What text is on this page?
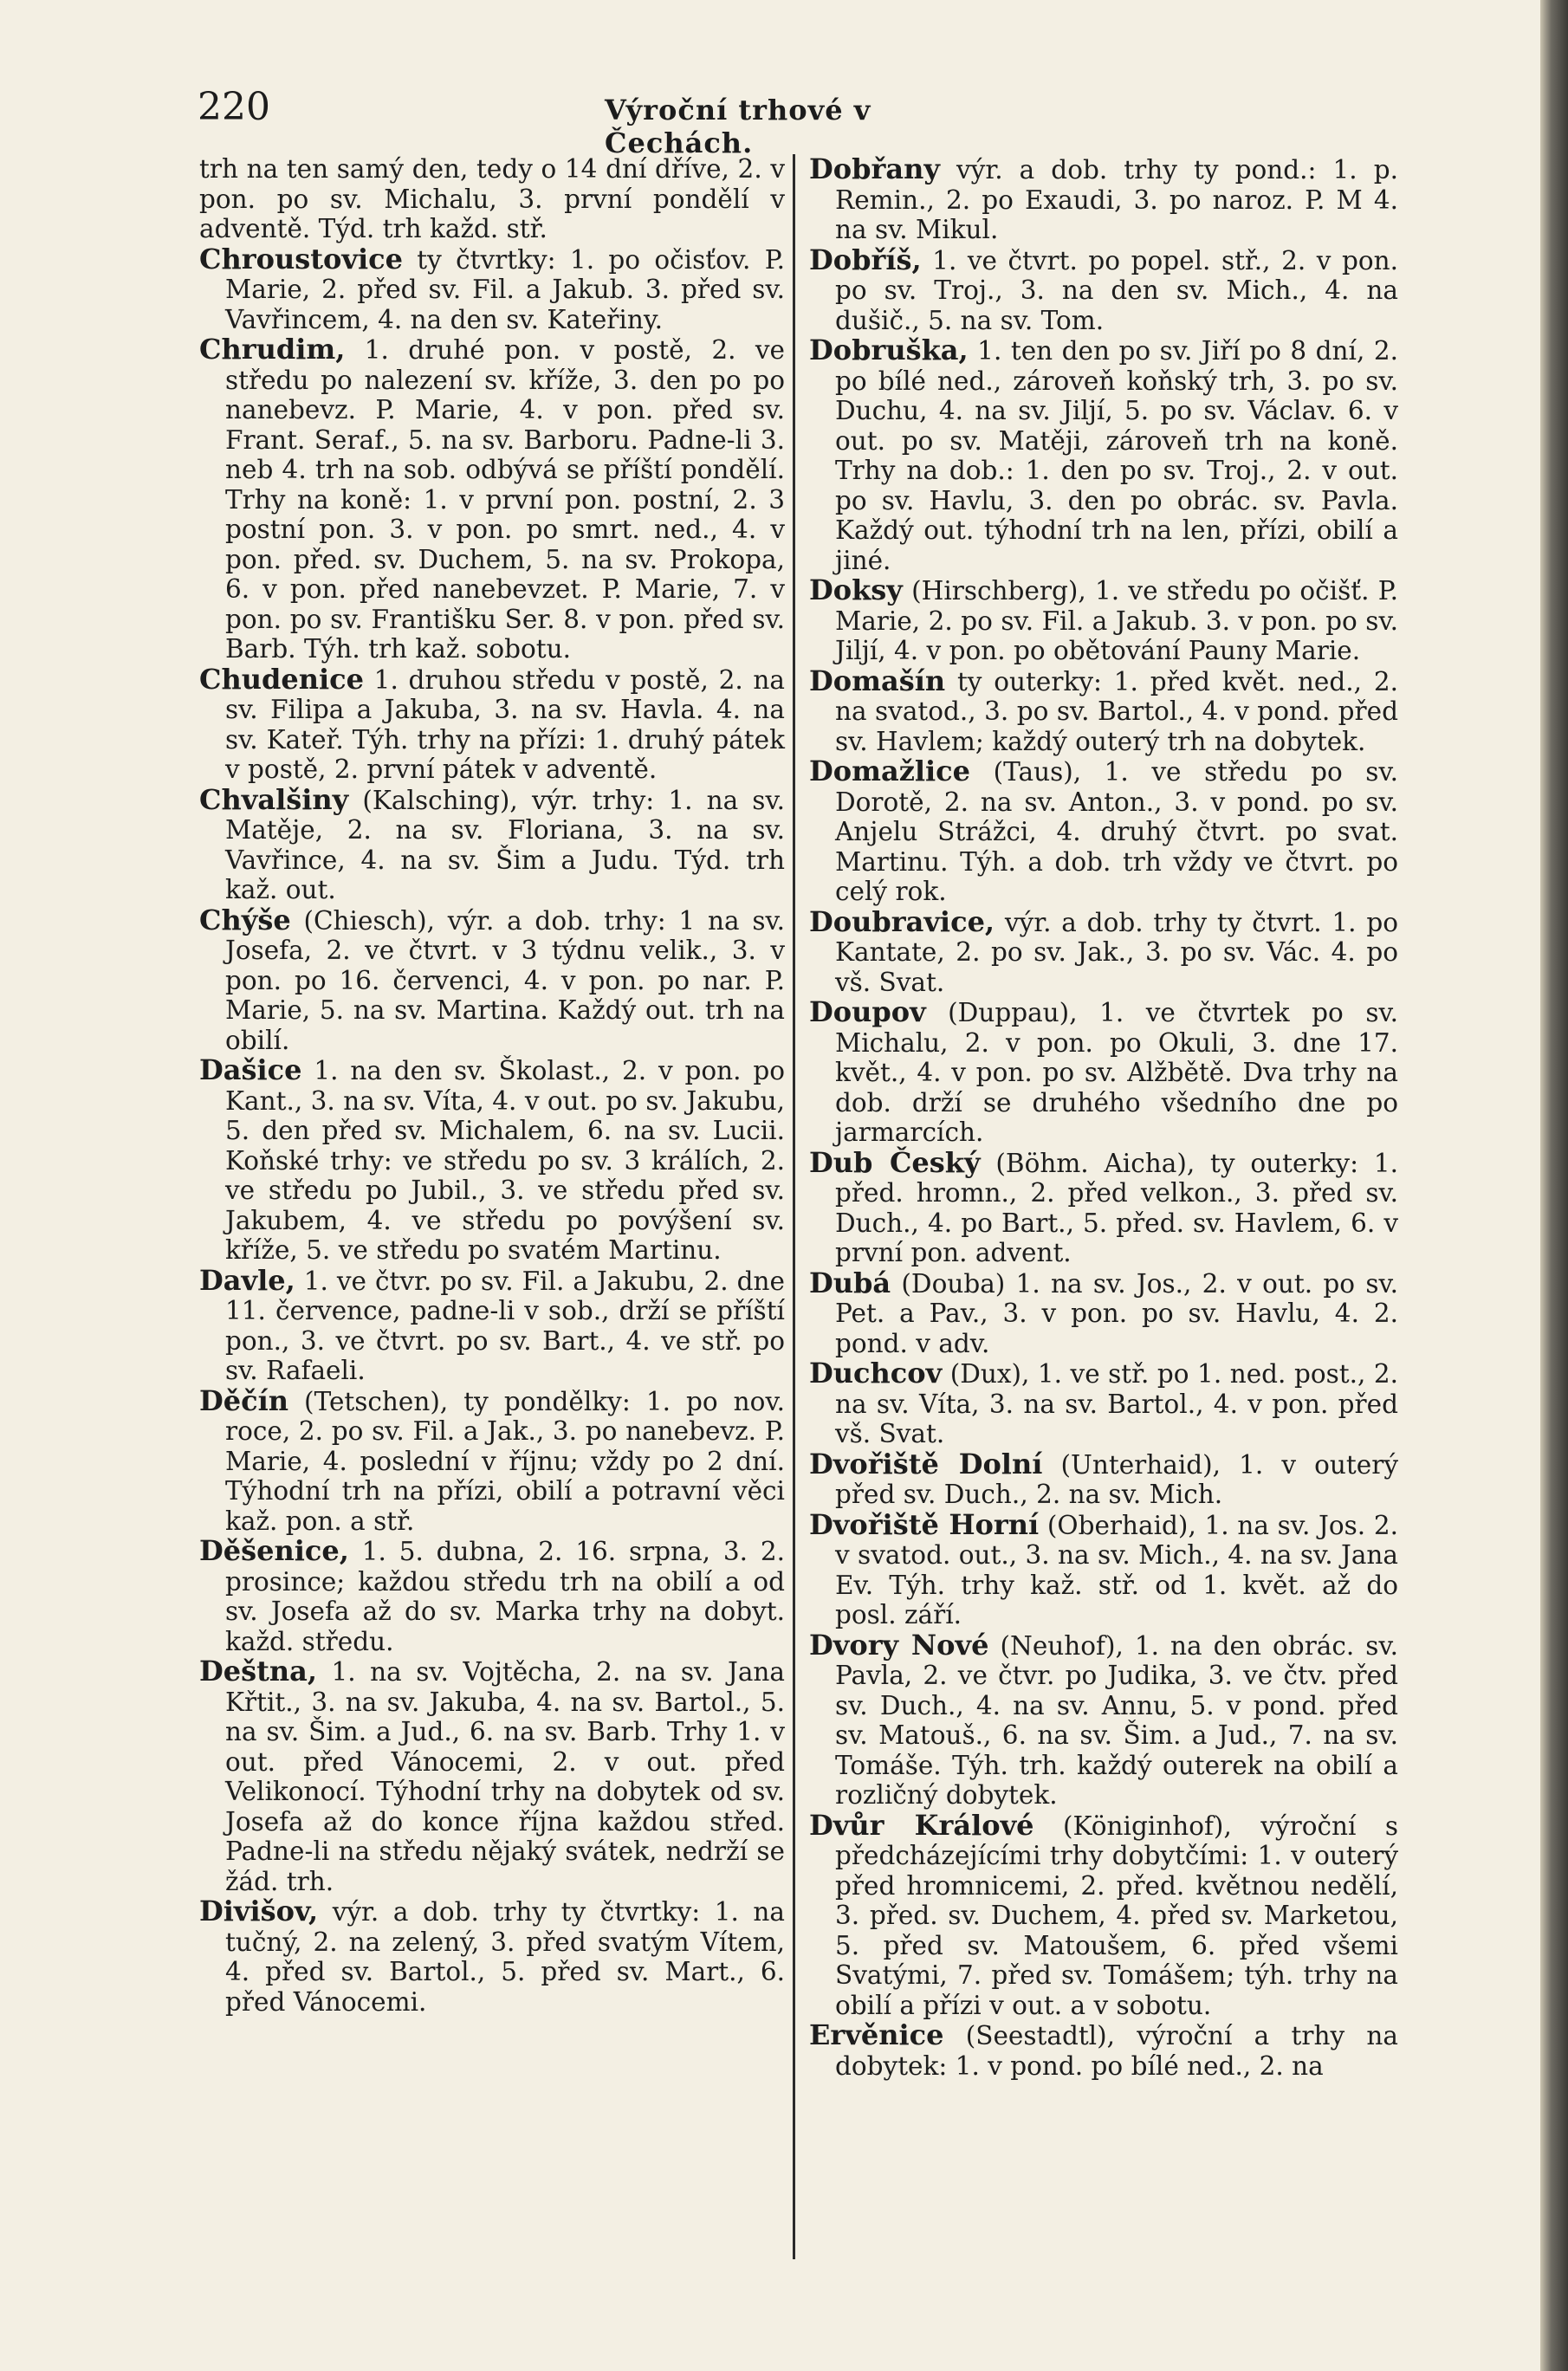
220	Výroční trhové v Čechách.

trh na ten samý den, tedy o 14 dní dříve, 2. v pon. po sv. Michalu, 3. první pondělí v adventě. Týd. trh každ. stř.

Chroustovice ty čtvrtky: 1. po očisťov. P. Marie, 2. před sv. Fil. a Jakub. 3. před sv. Vavřincem, 4. na den sv. Kateřiny.

Chrudim, 1. druhé pon. v postě, 2. ve středu po nalezení sv. kříže, 3. den po po nanebevz. P. Marie, 4. v pon. před sv. Frant. Seraf., 5. na sv. Barboru. Padne-li 3. neb 4. trh na sob. odbývá se příští pondělí. Trhy na koně: 1. v první pon. postní, 2. 3 postní pon. 3. v pon. po smrt. ned., 4. v pon. před. sv. Duchem, 5. na sv. Prokopa, 6. v pon. před nanebevzet. P. Marie, 7. v pon. po sv. Františku Ser. 8. v pon. před sv. Barb. Týh. trh kaž. sobotu.

Chudenice 1. druhou středu v postě, 2. na sv. Filipa a Jakuba, 3. na sv. Havla. 4. na sv. Kateř. Týh. trhy na přízi: 1. druhý pátek v postě, 2. první pátek v adventě.

Chvalšiny (Kalsching), výr. trhy: 1. na sv. Matěje, 2. na sv. Floriana, 3. na sv. Vavřince, 4. na sv. Šim a Judu. Týd. trh kaž. out.

Chýše (Chiesch), výr. a dob. trhy: 1 na sv. Josefa, 2. ve čtvrt. v 3 týdnu velik., 3. v pon. po 16. červenci, 4. v pon. po nar. P. Marie, 5. na sv. Martina. Každý out. trh na obilí.

Dašice 1. na den sv. Školast., 2. v pon. po Kant., 3. na sv. Víta, 4. v out. po sv. Jakubu, 5. den před sv. Michalem, 6. na sv. Lucii. Koňské trhy: ve středu po sv. 3 králích, 2. ve středu po Jubil., 3. ve středu před sv. Jakubem, 4. ve středu po povýšení sv. kříže, 5. ve středu po svatém Martinu.

Davle, 1. ve čtvr. po sv. Fil. a Jakubu, 2. dne 11. července, padne-li v sob., drží se příští pon., 3. ve čtvrt. po sv. Bart., 4. ve stř. po sv. Rafaeli.

Děčín (Tetschen), ty pondělky: 1. po nov. roce, 2. po sv. Fil. a Jak., 3. po nanebevz. P. Marie, 4. poslední v říjnu; vždy po 2 dní. Týhodní trh na přízi, obilí a potravní věci kaž. pon. a stř.

Děšenice, 1. 5. dubna, 2. 16. srpna, 3. 2. prosince; každou středu trh na obilí a od sv. Josefa až do sv. Marka trhy na dobyt. každ. středu.

Deštna, 1. na sv. Vojtěcha, 2. na sv. Jana Křtit., 3. na sv. Jakuba, 4. na sv. Bartol., 5. na sv. Šim. a Jud., 6. na sv. Barb. Trhy 1. v out. před Vánocemi, 2. v out. před Velikonocí. Týhodní trhy na dobytek od sv. Josefa až do konce října každou střed. Padne-li na středu nějaký svátek, nedrží se žád. trh.

Divišov, výr. a dob. trhy ty čtvrtky: 1. na tučný, 2. na zelený, 3. před svatým Vítem, 4. před sv. Bartol., 5. před sv. Mart., 6. před Vánocemi.

Dobřany výr. a dob. trhy ty pond.: 1. p. Remin., 2. po Exaudi, 3. po naroz. P. M 4. na sv. Mikul.

Dobříš, 1. ve čtvrt. po popel. stř., 2. v pon. po sv. Troj., 3. na den sv. Mich., 4. na dušič., 5. na sv. Tom.

Dobruška, 1. ten den po sv. Jiří po 8 dní, 2. po bílé ned., zároveň koňský trh, 3. po sv. Duchu, 4. na sv. Jiljí, 5. po sv. Václav. 6. v out. po sv. Matěji, zároveň trh na koně. Trhy na dob.: 1. den po sv. Troj., 2. v out. po sv. Havlu, 3. den po obrác. sv. Pavla. Každý out. týhodní trh na len, přízi, obilí a jiné.

Doksy (Hirschberg), 1. ve středu po očišť. P. Marie, 2. po sv. Fil. a Jakub. 3. v pon. po sv. Jiljí, 4. v pon. po obětování Pauny Marie.

Domašín ty outerky: 1. před květ. ned., 2. na svatod., 3. po sv. Bartol., 4. v pond. před sv. Havlem; každý outerý trh na dobytek.

Domažlice (Taus), 1. ve středu po sv. Dorotě, 2. na sv. Anton., 3. v pond. po sv. Anjelu Strážci, 4. druhý čtvrt. po svat. Martinu. Týh. a dob. trh vždy ve čtvrt. po celý rok.

Doubravice, výr. a dob. trhy ty čtvrt. 1. po Kantate, 2. po sv. Jak., 3. po sv. Vác. 4. po vš. Svat.

Doupov (Duppau), 1. ve čtvrtek po sv. Michalu, 2. v pon. po Okuli, 3. dne 17. květ., 4. v pon. po sv. Alžbětě. Dva trhy na dob. drží se druhého všedního dne po jarmarcích.

Dub Český (Böhm. Aicha), ty outerky: 1. před. hromn., 2. před velkon., 3. před sv. Duch., 4. po Bart., 5. před. sv. Havlem, 6. v první pon. advent.

Dubá (Douba) 1. na sv. Jos., 2. v out. po sv. Pet. a Pav., 3. v pon. po sv. Havlu, 4. 2. pond. v adv.

Duchcov (Dux), 1. ve stř. po 1. ned. post., 2. na sv. Víta, 3. na sv. Bartol., 4. v pon. před vš. Svat.

Dvořiště Dolní (Unterhaid), 1. v outerý před sv. Duch., 2. na sv. Mich.

Dvořiště Horní (Oberhaid), 1. na sv. Jos. 2. v svatod. out., 3. na sv. Mich., 4. na sv. Jana Ev. Týh. trhy kaž. stř. od 1. květ. až do posl. září.

Dvory Nové (Neuhof), 1. na den obrác. sv. Pavla, 2. ve čtvr. po Judika, 3. ve čtv. před sv. Duch., 4. na sv. Annu, 5. v pond. před sv. Matouš., 6. na sv. Šim. a Jud., 7. na sv. Tomáše. Týh. trh. každý outerek na obilí a rozličný dobytek.

Dvůr Králové (Königinhof), výroční s předcházejícími trhy dobytčími: 1. v outerý před hromnicemi, 2. před. květnou nedělí, 3. před. sv. Duchem, 4. před sv. Marketou, 5. před sv. Matoušem, 6. před všemi Svatými, 7. před sv. Tomášem; týh. trhy na obilí a přízi v out. a v sobotu.

Ervěnice (Seestadtl), výroční a trhy na dobytek: 1. v pond. po bílé ned., 2. na
